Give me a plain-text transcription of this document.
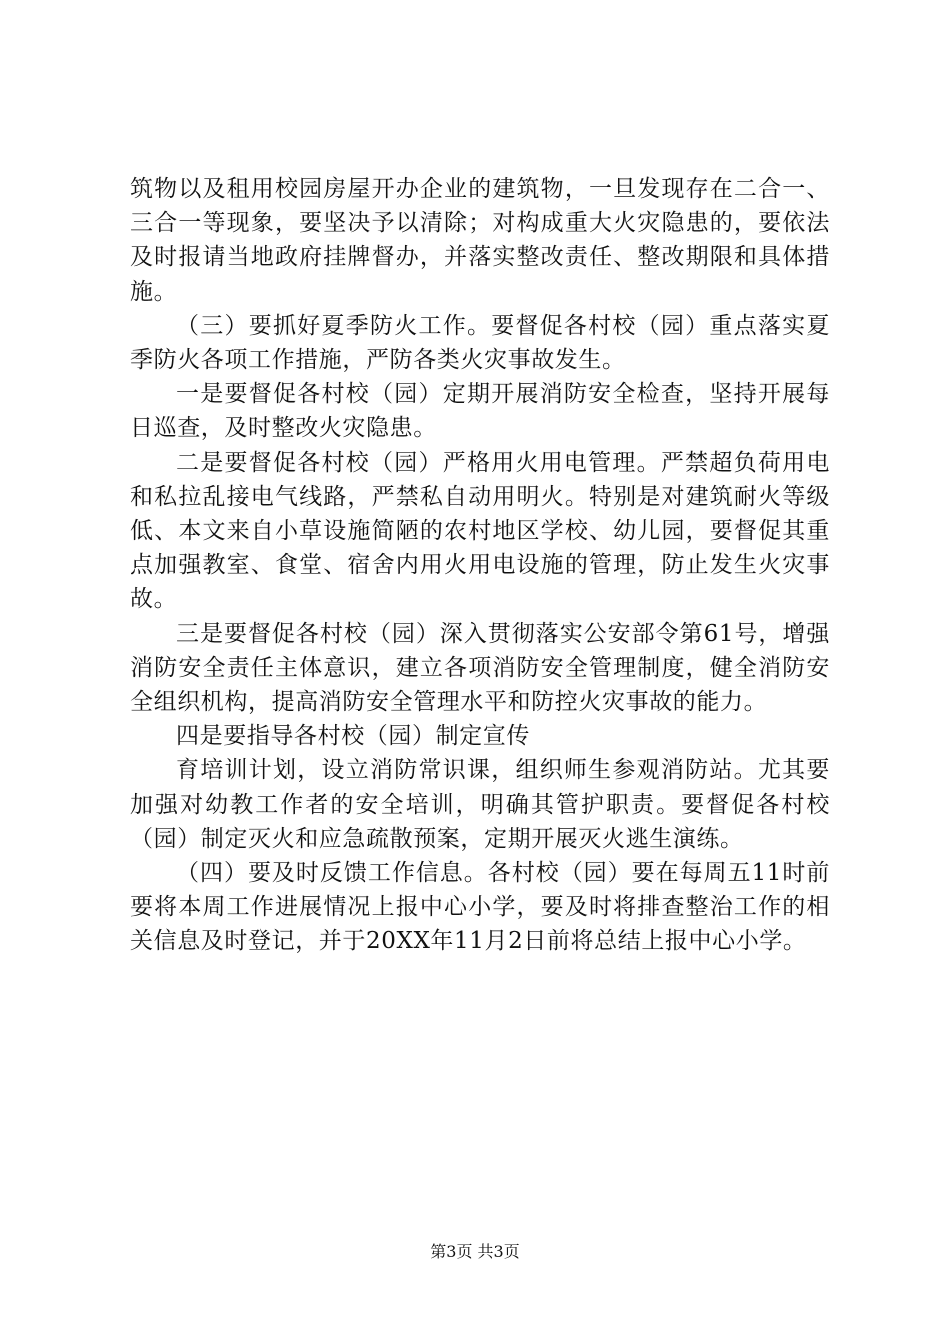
筑物以及租用校园房屋开办企业的建筑物，一旦发现存在二合一、三合一等现象，要坚决予以清除；对构成重大火灾隐患的，要依法及时报请当地政府挂牌督办，并落实整改责任、整改期限和具体措施。

（三）要抓好夏季防火工作。要督促各村校（园）重点落实夏季防火各项工作措施，严防各类火灾事故发生。

一是要督促各村校（园）定期开展消防安全检查，坚持开展每日巡查，及时整改火灾隐患。

二是要督促各村校（园）严格用火用电管理。严禁超负荷用电和私拉乱接电气线路，严禁私自动用明火。特别是对建筑耐火等级低、本文来自小草设施简陋的农村地区学校、幼儿园，要督促其重点加强教室、食堂、宿舍内用火用电设施的管理，防止发生火灾事故。

三是要督促各村校（园）深入贯彻落实公安部令第61号，增强消防安全责任主体意识，建立各项消防安全管理制度，健全消防安全组织机构，提高消防安全管理水平和防控火灾事故的能力。

四是要指导各村校（园）制定宣传

育培训计划，设立消防常识课，组织师生参观消防站。尤其要加强对幼教工作者的安全培训，明确其管护职责。要督促各村校（园）制定灭火和应急疏散预案，定期开展灭火逃生演练。

（四）要及时反馈工作信息。各村校（园）要在每周五11时前要将本周工作进展情况上报中心小学，要及时将排查整治工作的相关信息及时登记，并于20XX年11月2日前将总结上报中心小学。

第3页 共3页
